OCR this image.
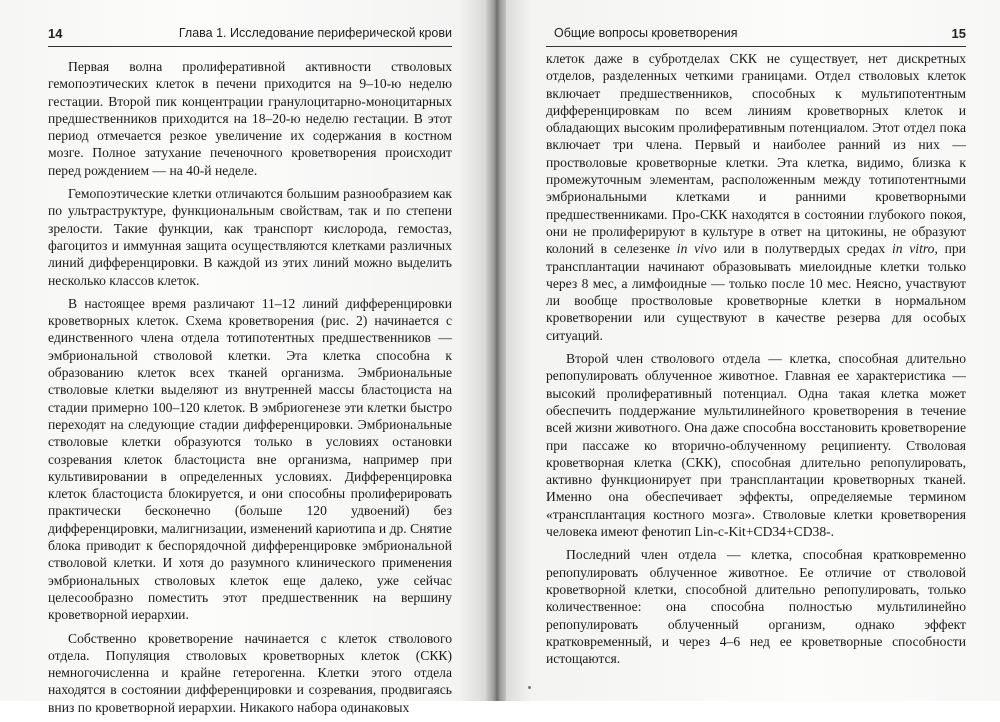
14	Глава 1. Исследование периферической крови

Первая волна пролиферативной активности стволовых гемопоэтических клеток в печени приходится на 9–10-ю неделю гестации. Второй пик концентрации гранулоцитарно-моноцитарных предшественников приходится на 18–20-ю неделю гестации. В этот период отмечается резкое увеличение их содержания в костном мозге. Полное затухание печеночного кроветворения происходит перед рождением — на 40-й неделе.

Гемопоэтические клетки отличаются большим разнообразием как по ультраструктуре, функциональным свойствам, так и по степени зрелости. Такие функции, как транспорт кислорода, гемостаз, фагоцитоз и иммунная защита осуществляются клетками различных линий дифференцировки. В каждой из этих линий можно выделить несколько классов клеток.

В настоящее время различают 11–12 линий дифференцировки кроветворных клеток. Схема кроветворения (рис. 2) начинается с единственного члена отдела тотипотентных предшественников — эмбриональной стволовой клетки. Эта клетка способна к образованию клеток всех тканей организма. Эмбриональные стволовые клетки выделяют из внутренней массы бластоциста на стадии примерно 100–120 клеток. В эмбриогенезе эти клетки быстро переходят на следующие стадии дифференцировки. Эмбриональные стволовые клетки образуются только в условиях остановки созревания клеток бластоциста вне организма, например при культивировании в определенных условиях. Дифференцировка клеток бластоциста блокируется, и они способны пролиферировать практически бесконечно (больше 120 удвоений) без дифференцировки, малигнизации, изменений кариотипа и др. Снятие блока приводит к беспорядочной дифференцировке эмбриональной стволовой клетки. И хотя до разумного клинического применения эмбриональных стволовых клеток еще далеко, уже сейчас целесообразно поместить этот предшественник на вершину кроветворной иерархии.

Собственно кроветворение начинается с клеток стволового отдела. Популяция стволовых кроветворных клеток (СКК) немногочисленна и крайне гетерогенна. Клетки этого отдела находятся в состоянии дифференцировки и созревания, продвигаясь вниз по кроветворной иерархии. Никакого набора одинаковых

Общие вопросы кроветворения	15

клеток даже в субротделах СКК не существует, нет дискретных отделов, разделенных четкими границами. Отдел стволовых клеток включает предшественников, способных к мультипотентным дифференцировкам по всем линиям кроветворных клеток и обладающих высоким пролиферативным потенциалом. Этот отдел пока включает три члена. Первый и наиболее ранний из них — простволовые кроветворные клетки. Эта клетка, видимо, близка к промежуточным элементам, расположенным между тотипотентными эмбриональными клетками и ранними кроветворными предшественниками. Про-СКК находятся в состоянии глубокого покоя, они не пролиферируют в культуре в ответ на цитокины, не образуют колоний в селезенке in vivo или в полутвердых средах in vitro, при трансплантации начинают образовывать миелоидные клетки только через 8 мес, а лимфоидные — только после 10 мес. Неясно, участвуют ли вообще простволовые кроветворные клетки в нормальном кроветворении или существуют в качестве резерва для особых ситуаций.

Второй член стволового отдела — клетка, способная длительно репопулировать облученное животное. Главная ее характеристика — высокий пролиферативный потенциал. Одна такая клетка может обеспечить поддержание мультилинейного кроветворения в течение всей жизни животного. Она даже способна восстановить кроветворение при пассаже ко вторично-облученному реципиенту. Стволовая кроветворная клетка (СКК), способная длительно репопулировать, активно функционирует при трансплантации кроветворных тканей. Именно она обеспечивает эффекты, определяемые термином «трансплантация костного мозга». Стволовые клетки кроветворения человека имеют фенотип Lin-c-Kit+CD34+CD38-.

Последний член отдела — клетка, способная кратковременно репопулировать облученное животное. Ее отличие от стволовой кроветворной клетки, способной длительно репопулировать, только количественное: она способна полностью мультилинейно репопулировать облученный организм, однако эффект кратковременный, и через 4–6 нед ее кроветворные способности истощаются.
